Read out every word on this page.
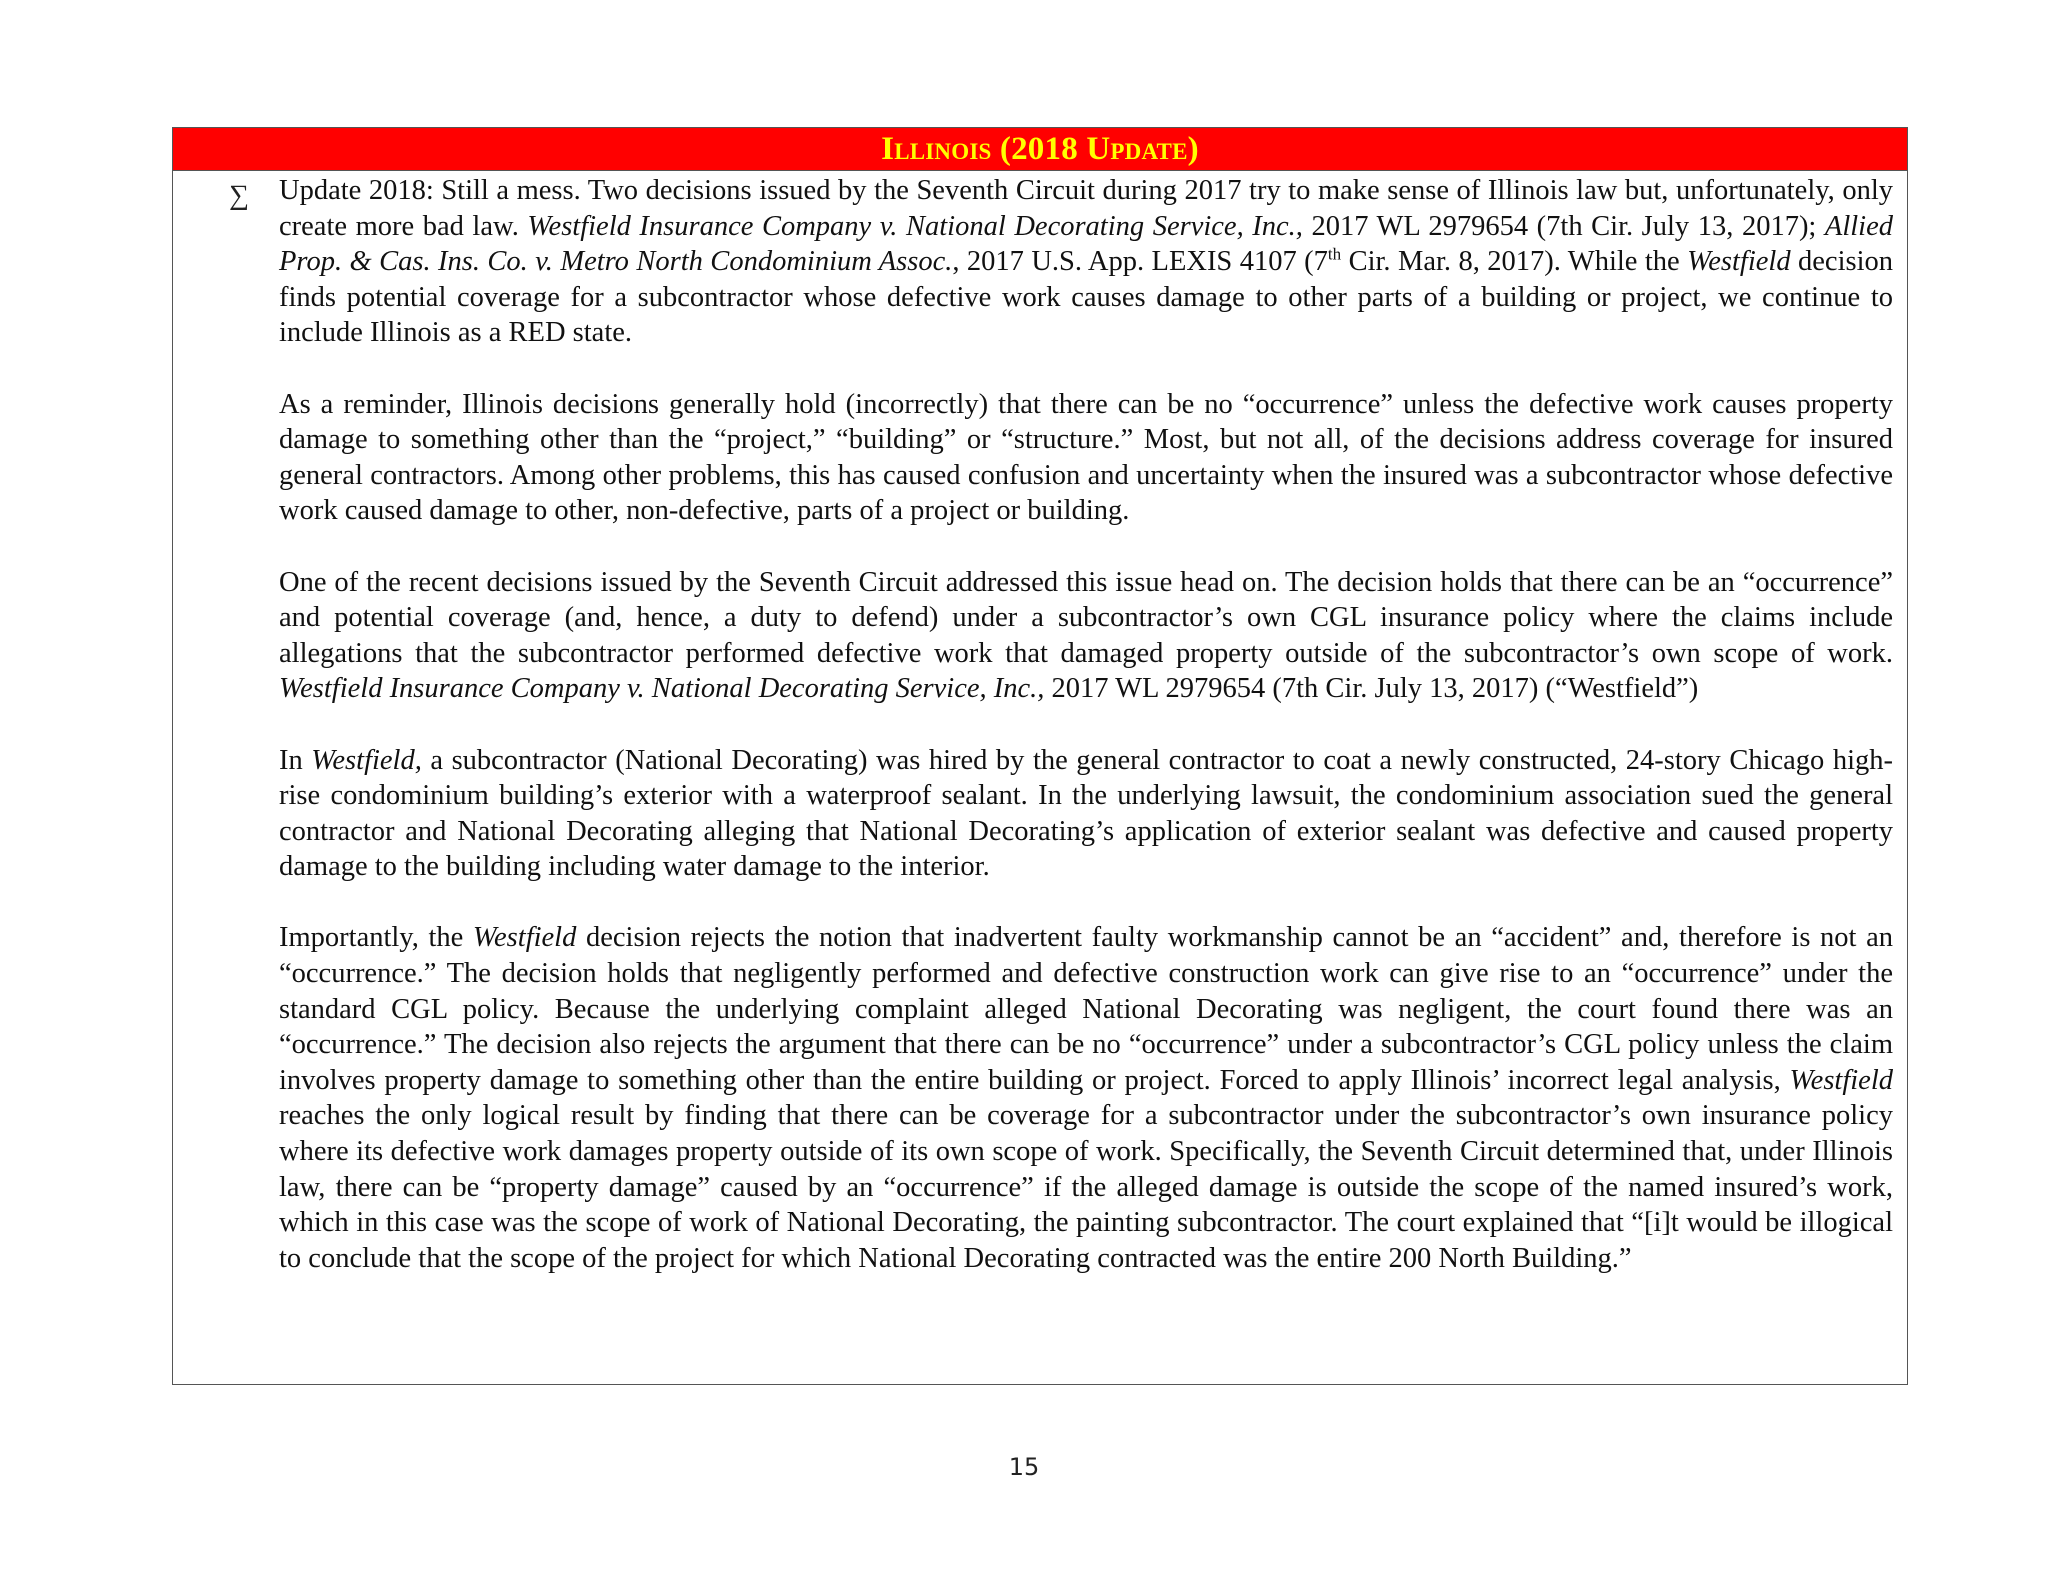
Illinois (2018 Update)
∑ Update 2018: Still a mess. Two decisions issued by the Seventh Circuit during 2017 try to make sense of Illinois law but, unfortunately, only create more bad law. Westfield Insurance Company v. National Decorating Service, Inc., 2017 WL 2979654 (7th Cir. July 13, 2017); Allied Prop. & Cas. Ins. Co. v. Metro North Condominium Assoc., 2017 U.S. App. LEXIS 4107 (7th Cir. Mar. 8, 2017). While the Westfield decision finds potential coverage for a subcontractor whose defective work causes damage to other parts of a building or project, we continue to include Illinois as a RED state.

As a reminder, Illinois decisions generally hold (incorrectly) that there can be no “occurrence” unless the defective work causes property damage to something other than the “project,” “building” or “structure.” Most, but not all, of the decisions address coverage for insured general contractors. Among other problems, this has caused confusion and uncertainty when the insured was a subcontractor whose defective work caused damage to other, non-defective, parts of a project or building.

One of the recent decisions issued by the Seventh Circuit addressed this issue head on. The decision holds that there can be an “occurrence” and potential coverage (and, hence, a duty to defend) under a subcontractor’s own CGL insurance policy where the claims include allegations that the subcontractor performed defective work that damaged property outside of the subcontractor’s own scope of work. Westfield Insurance Company v. National Decorating Service, Inc., 2017 WL 2979654 (7th Cir. July 13, 2017) (“Westfield”)

In Westfield, a subcontractor (National Decorating) was hired by the general contractor to coat a newly constructed, 24-story Chicago high-rise condominium building’s exterior with a waterproof sealant. In the underlying lawsuit, the condominium association sued the general contractor and National Decorating alleging that National Decorating’s application of exterior sealant was defective and caused property damage to the building including water damage to the interior.

Importantly, the Westfield decision rejects the notion that inadvertent faulty workmanship cannot be an “accident” and, therefore is not an “occurrence.” The decision holds that negligently performed and defective construction work can give rise to an “occurrence” under the standard CGL policy. Because the underlying complaint alleged National Decorating was negligent, the court found there was an “occurrence.” The decision also rejects the argument that there can be no “occurrence” under a subcontractor’s CGL policy unless the claim involves property damage to something other than the entire building or project. Forced to apply Illinois’ incorrect legal analysis, Westfield reaches the only logical result by finding that there can be coverage for a subcontractor under the subcontractor’s own insurance policy where its defective work damages property outside of its own scope of work. Specifically, the Seventh Circuit determined that, under Illinois law, there can be “property damage” caused by an “occurrence” if the alleged damage is outside the scope of the named insured’s work, which in this case was the scope of work of National Decorating, the painting subcontractor. The court explained that “[i]t would be illogical to conclude that the scope of the project for which National Decorating contracted was the entire 200 North Building.”

15
